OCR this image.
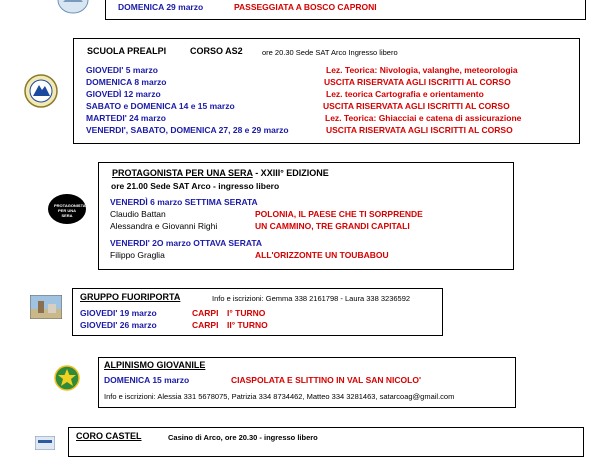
DOMENICA 29 marzo	PASSEGGIATA A BOSCO CAPRONI
SCUOLA PREALPI	CORSO AS2	ore 20.30 Sede SAT Arco Ingresso libero
GIOVEDI' 5 marzo	Lez. Teorica: Nivologia, valanghe, meteorologia
DOMENICA 8 marzo	USCITA RISERVATA AGLI ISCRITTI AL CORSO
GIOVEDÌ 12 marzo	Lez. teorica Cartografia e orientamento
SABATO e DOMENICA 14 e 15 marzo	USCITA RISERVATA AGLI ISCRITTI AL CORSO
MARTEDI' 24 marzo	Lez. Teorica: Ghiacciai e catena di assicurazione
VENERDI', SABATO, DOMENICA 27, 28 e 29 marzo	USCITA RISERVATA AGLI ISCRITTI AL CORSO
PROTAGONISTA PER UNA SERA
PROTAGONISTA PER UNA SERA - XXIII° EDIZIONE
ore 21.00 Sede SAT Arco - ingresso libero
VENERDÌ 6 marzo SETTIMA SERATA
Claudio Battan	POLONIA, IL PAESE CHE TI SORPRENDE
Alessandra e Giovanni Righi	UN CAMMINO, TRE GRANDI CAPITALI
VENERDI' 2O marzo OTTAVA SERATA
Filippo Graglia	ALL'ORIZZONTE UN TOUBABOU
GRUPPO FUORIPORTA	Info e iscrizioni: Gemma 338 2161798 - Laura 338 3236592
GIOVEDI' 19 marzo	CARPI I° TURNO
GIOVEDI' 26 marzo	CARPI II° TURNO
ALPINISMO GIOVANILE
DOMENICA 15 marzo	CIASPOLATA E SLITTINO IN VAL SAN NICOLO'
Info e iscrizioni: Alessia 331 5678075, Patrizia 334 8734462, Matteo 334 3281463, satarcoag@gmail.com
CORO CASTEL	Casino di Arco, ore 20.30 - ingresso libero
